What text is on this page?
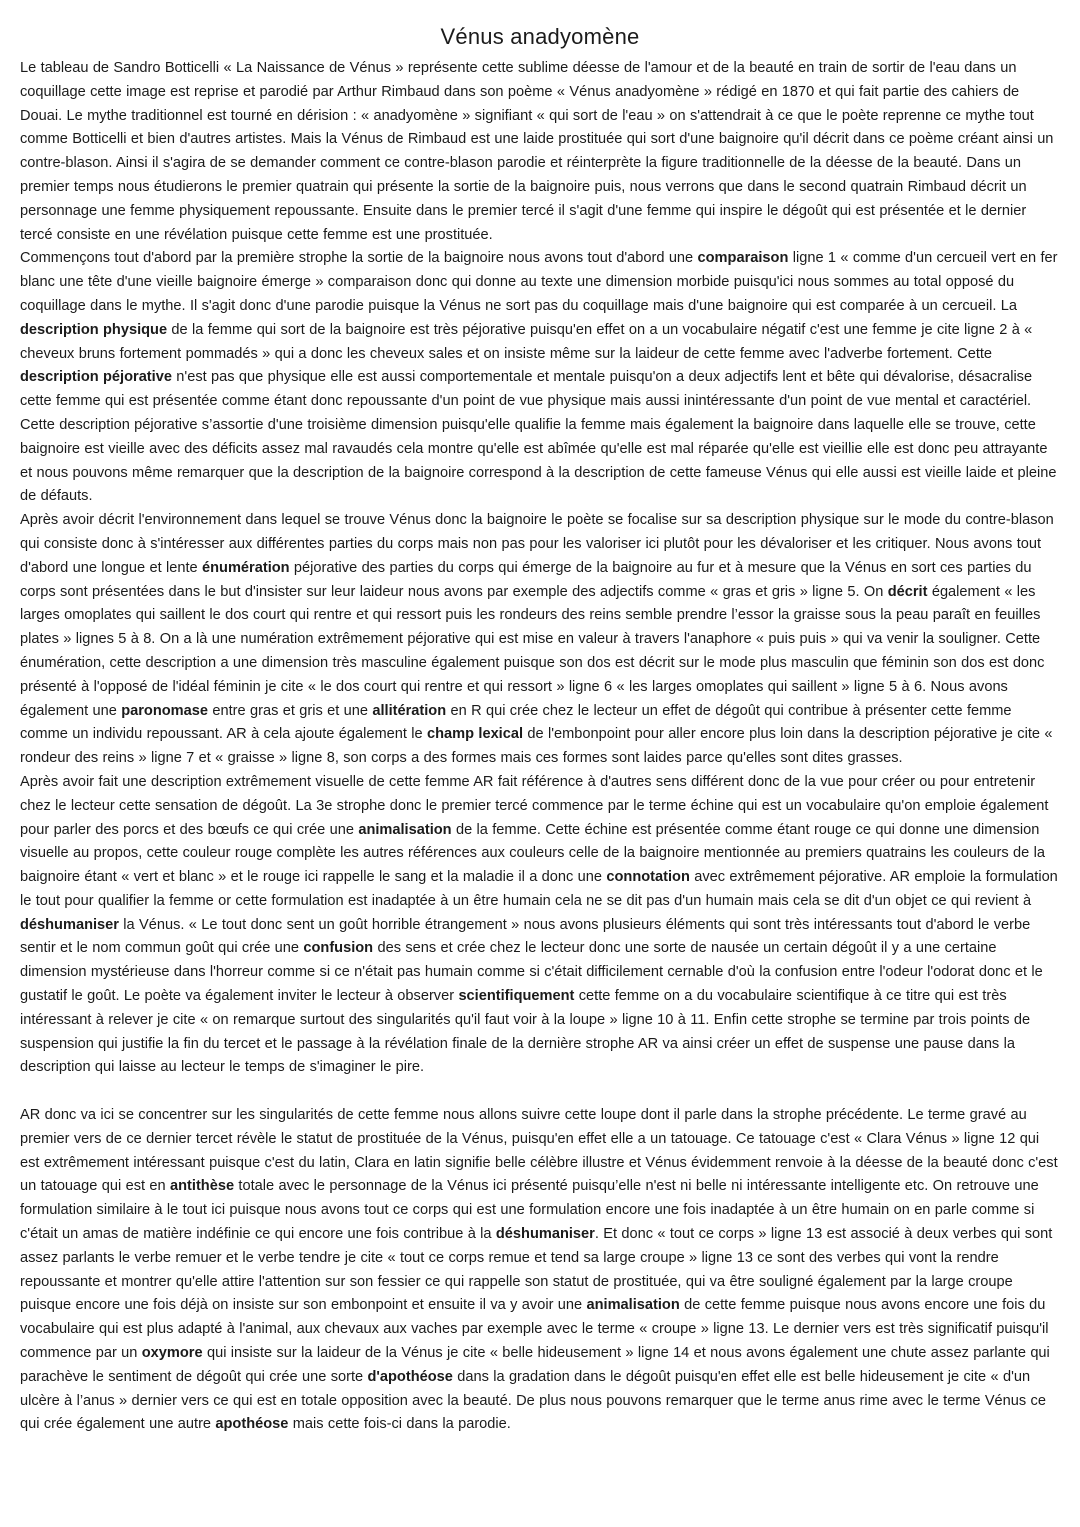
Vénus anadyomène

Le tableau de Sandro Botticelli « La Naissance de Vénus » représente cette sublime déesse de l'amour et de la beauté en train de sortir de l'eau dans un coquillage cette image est reprise et parodié par Arthur Rimbaud dans son poème « Vénus anadyomène » rédigé en 1870 et qui fait partie des cahiers de Douai. Le mythe traditionnel est tourné en dérision : « anadyomène » signifiant « qui sort de l'eau » on s'attendrait à ce que le poète reprenne ce mythe tout comme Botticelli et bien d'autres artistes. Mais la Vénus de Rimbaud est une laide prostituée qui sort d'une baignoire qu'il décrit dans ce poème créant ainsi un contre-blason. Ainsi il s'agira de se demander comment ce contre-blason parodie et réinterprète la figure traditionnelle de la déesse de la beauté. Dans un premier temps nous étudierons le premier quatrain qui présente la sortie de la baignoire puis, nous verrons que dans le second quatrain Rimbaud décrit un personnage une femme physiquement repoussante. Ensuite dans le premier tercé il s'agit d'une femme qui inspire le dégoût qui est présentée et le dernier tercé consiste en une révélation puisque cette femme est une prostituée.

Commençons tout d'abord par la première strophe la sortie de la baignoire nous avons tout d'abord une comparaison ligne 1 « comme d'un cercueil vert en fer blanc une tête d'une vieille baignoire émerge » comparaison donc qui donne au texte une dimension morbide puisqu'ici nous sommes au total opposé du coquillage dans le mythe. Il s'agit donc d'une parodie puisque la Vénus ne sort pas du coquillage mais d'une baignoire qui est comparée à un cercueil. La description physique de la femme qui sort de la baignoire est très péjorative puisqu'en effet on a un vocabulaire négatif c'est une femme je cite ligne 2 à « cheveux bruns fortement pommadés » qui a donc les cheveux sales et on insiste même sur la laideur de cette femme avec l'adverbe fortement. Cette description péjorative n'est pas que physique elle est aussi comportementale et mentale puisqu'on a deux adjectifs lent et bête qui dévalorise, désacralise cette femme qui est présentée comme étant donc repoussante d'un point de vue physique mais aussi inintéressante d'un point de vue mental et caractériel. Cette description péjorative s’assortie d'une troisième dimension puisqu'elle qualifie la femme mais également la baignoire dans laquelle elle se trouve, cette baignoire est vieille avec des déficits assez mal ravaudés cela montre qu'elle est abîmée qu'elle est mal réparée qu'elle est vieillie elle est donc peu attrayante et nous pouvons même remarquer que la description de la baignoire correspond à la description de cette fameuse Vénus qui elle aussi est vieille laide et pleine de défauts.

Après avoir décrit l'environnement dans lequel se trouve Vénus donc la baignoire le poète se focalise sur sa description physique sur le mode du contre-blason qui consiste donc à s'intéresser aux différentes parties du corps mais non pas pour les valoriser ici plutôt pour les dévaloriser et les critiquer. Nous avons tout d'abord une longue et lente énumération péjorative des parties du corps qui émerge de la baignoire au fur et à mesure que la Vénus en sort ces parties du corps sont présentées dans le but d'insister sur leur laideur nous avons par exemple des adjectifs comme « gras et gris » ligne 5. On décrit également « les larges omoplates qui saillent le dos court qui rentre et qui ressort puis les rondeurs des reins semble prendre l’essor la graisse sous la peau paraît en feuilles plates » lignes 5 à 8. On a là une numération extrêmement péjorative qui est mise en valeur à travers l'anaphore « puis puis » qui va venir la souligner. Cette énumération, cette description a une dimension très masculine également puisque son dos est décrit sur le mode plus masculin que féminin son dos est donc présenté à l'opposé de l'idéal féminin je cite « le dos court qui rentre et qui ressort » ligne 6 « les larges omoplates qui saillent » ligne 5 à 6. Nous avons également une paronomase entre gras et gris et une allitération en R qui crée chez le lecteur un effet de dégoût qui contribue à présenter cette femme comme un individu repoussant. AR à cela ajoute également le champ lexical de l'embonpoint pour aller encore plus loin dans la description péjorative je cite « rondeur des reins » ligne 7 et « graisse » ligne 8, son corps a des formes mais ces formes sont laides parce qu'elles sont dites grasses.

Après avoir fait une description extrêmement visuelle de cette femme AR fait référence à d'autres sens différent donc de la vue pour créer ou pour entretenir chez le lecteur cette sensation de dégoût. La 3e strophe donc le premier tercé commence par le terme échine qui est un vocabulaire qu'on emploie également pour parler des porcs et des bœufs ce qui crée une animalisation de la femme. Cette échine est présentée comme étant rouge ce qui donne une dimension visuelle au propos, cette couleur rouge complète les autres références aux couleurs celle de la baignoire mentionnée au premiers quatrains les couleurs de la baignoire étant « vert et blanc » et le rouge ici rappelle le sang et la maladie il a donc une connotation avec extrêmement péjorative. AR emploie la formulation le tout pour qualifier la femme or cette formulation est inadaptée à un être humain cela ne se dit pas d'un humain mais cela se dit d'un objet ce qui revient à déshumaniser la Vénus. « Le tout donc sent un goût horrible étrangement » nous avons plusieurs éléments qui sont très intéressants tout d'abord le verbe sentir et le nom commun goût qui crée une confusion des sens et crée chez le lecteur donc une sorte de nausée un certain dégoût il y a une certaine dimension mystérieuse dans l'horreur comme si ce n'était pas humain comme si c'était difficilement cernable d'où la confusion entre l'odeur l'odorat donc et le gustatif le goût. Le poète va également inviter le lecteur à observer scientifiquement cette femme on a du vocabulaire scientifique à ce titre qui est très intéressant à relever je cite « on remarque surtout des singularités qu'il faut voir à la loupe » ligne 10 à 11. Enfin cette strophe se termine par trois points de suspension qui justifie la fin du tercet et le passage à la révélation finale de la dernière strophe AR va ainsi créer un effet de suspense une pause dans la description qui laisse au lecteur le temps de s'imaginer le pire.

AR donc va ici se concentrer sur les singularités de cette femme nous allons suivre cette loupe dont il parle dans la strophe précédente. Le terme gravé au premier vers de ce dernier tercet révèle le statut de prostituée de la Vénus, puisqu'en effet elle a un tatouage. Ce tatouage c'est « Clara Vénus » ligne 12 qui est extrêmement intéressant puisque c'est du latin, Clara en latin signifie belle célèbre illustre et Vénus évidemment renvoie à la déesse de la beauté donc c'est un tatouage qui est en antithèse totale avec le personnage de la Vénus ici présenté puisqu’elle n'est ni belle ni intéressante intelligente etc. On retrouve une formulation similaire à le tout ici puisque nous avons tout ce corps qui est une formulation encore une fois inadaptée à un être humain on en parle comme si c'était un amas de matière indéfinie ce qui encore une fois contribue à la déshumaniser. Et donc « tout ce corps » ligne 13 est associé à deux verbes qui sont assez parlants le verbe remuer et le verbe tendre je cite « tout ce corps remue et tend sa large croupe » ligne 13 ce sont des verbes qui vont la rendre repoussante et montrer qu'elle attire l'attention sur son fessier ce qui rappelle son statut de prostituée, qui va être souligné également par la large croupe puisque encore une fois déjà on insiste sur son embonpoint et ensuite il va y avoir une animalisation de cette femme puisque nous avons encore une fois du vocabulaire qui est plus adapté à l'animal, aux chevaux aux vaches par exemple avec le terme « croupe » ligne 13. Le dernier vers est très significatif puisqu'il commence par un oxymore qui insiste sur la laideur de la Vénus je cite « belle hideusement » ligne 14 et nous avons également une chute assez parlante qui parachève le sentiment de dégoût qui crée une sorte d'apothéose dans la gradation dans le dégoût puisqu'en effet elle est belle hideusement je cite « d'un ulcère à l’anus » dernier vers ce qui est en totale opposition avec la beauté. De plus nous pouvons remarquer que le terme anus rime avec le terme Vénus ce qui crée également une autre apothéose mais cette fois-ci dans la parodie.
